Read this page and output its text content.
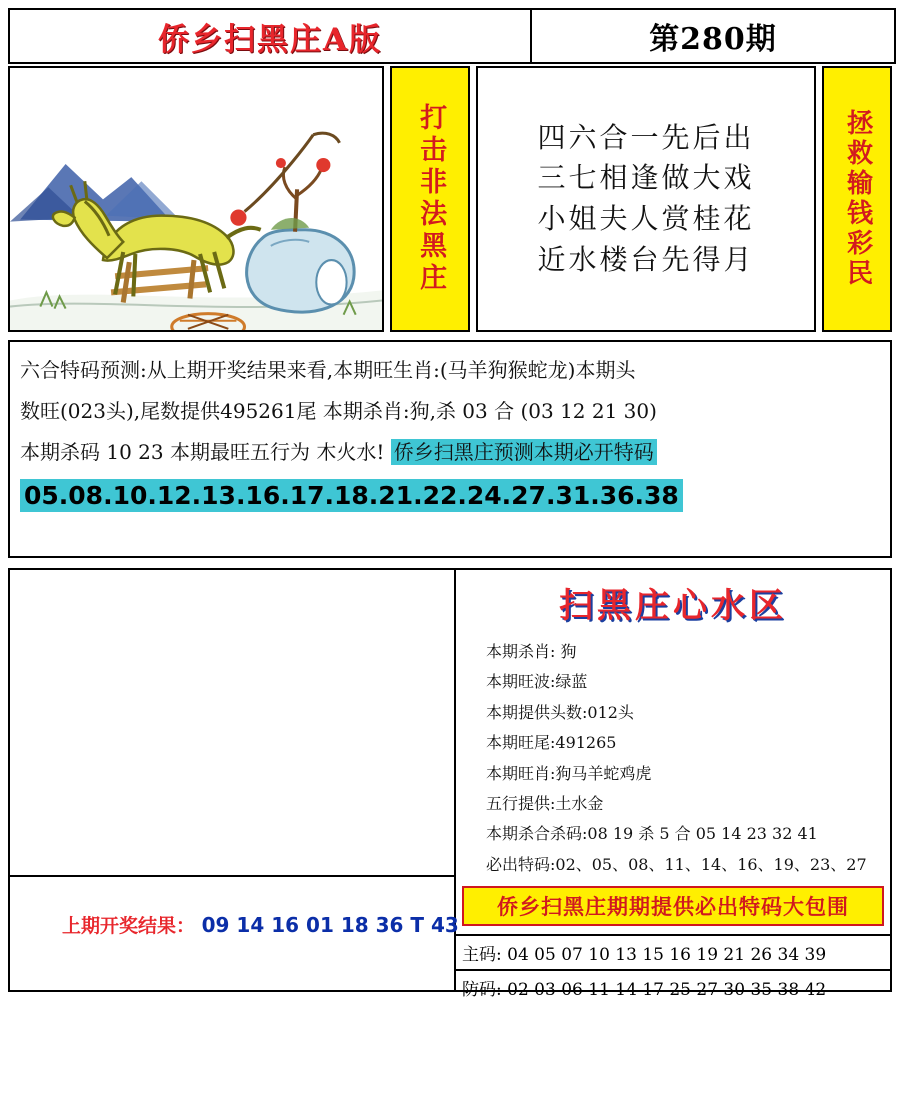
侨乡扫黑庄A版	第280期
打击非法黑庄	四六合一先后出
三七相逢做大戏
小姐夫人赏桂花
近水楼台先得月	拯救输钱彩民
六合特码预测:从上期开奖结果来看,本期旺生肖:(马羊狗猴蛇龙)本期头
数旺(023头),尾数提供495261尾 本期杀肖:狗,杀 03 合 (03 12 21 30)
本期杀码 10 23 本期最旺五行为 木火水! 侨乡扫黑庄预测本期必开特码
05.08.10.12.13.16.17.18.21.22.24.27.31.36.38
上期开奖结果： 09 14 16 01 18 36 T 43
扫黑庄心水区
本期杀肖: 狗
本期旺波:绿蓝
本期提供头数:012头
本期旺尾:491265
本期旺肖:狗马羊蛇鸡虎
五行提供:土水金
本期杀合杀码:08 19 杀 5 合 05 14 23 32 41
必出特码:02、05、08、11、14、16、19、23、27
侨乡扫黑庄期期提供必出特码大包围
主码: 04 05 07 10 13 15 16 19 21 26 34 39
防码: 02 03 06 11 14 17 25 27 30 35 38 42
